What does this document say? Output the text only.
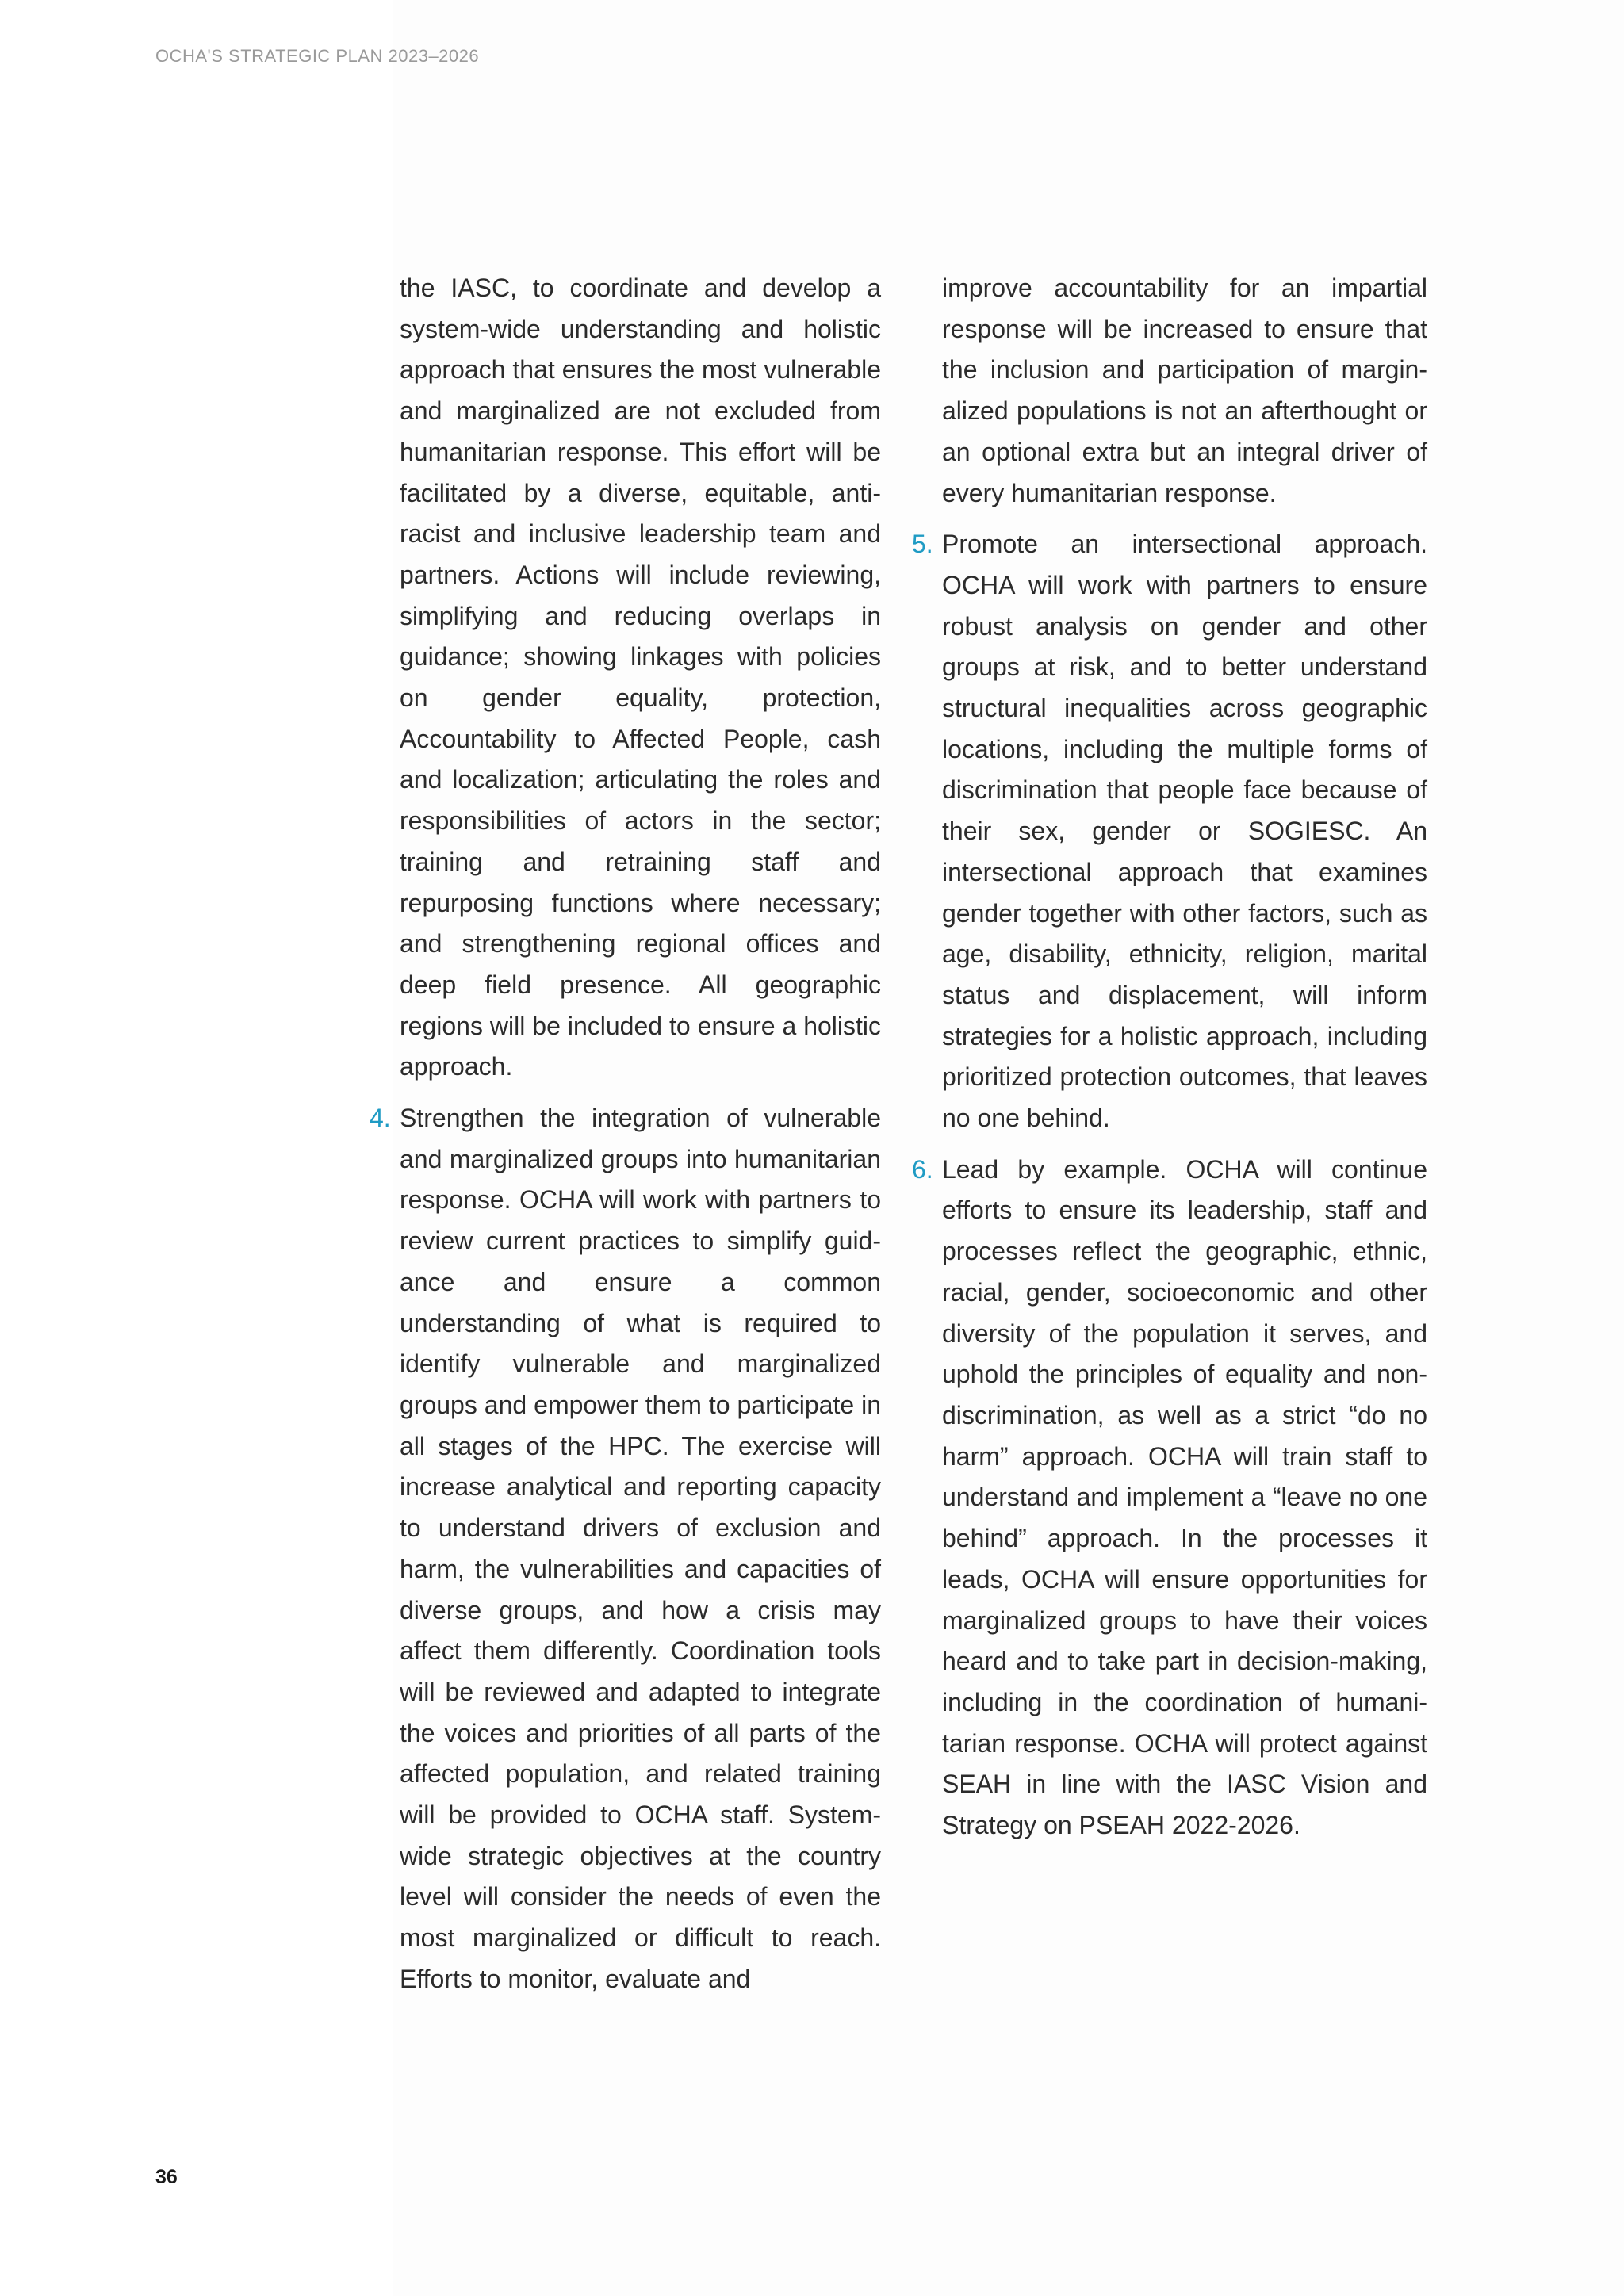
OCHA'S STRATEGIC PLAN 2023–2026

the IASC, to coordinate and develop a system-wide understanding and holistic approach that ensures the most vulnerable and marginalized are not excluded from humanitarian response. This effort will be facilitated by a diverse, equitable, anti-racist and inclusive leadership team and partners. Actions will include reviewing, simplifying and reducing overlaps in guidance; showing linkages with policies on gender equality, protection, Accountability to Affected People, cash and localization; articulating the roles and responsibilities of actors in the sector; training and retraining staff and repurposing functions where necessary; and strengthening regional offices and deep field presence. All geographic regions will be included to ensure a holistic approach.

4. Strengthen the integration of vulnerable and marginalized groups into humanitarian response. OCHA will work with partners to review current practices to simplify guidance and ensure a common understanding of what is required to identify vulnerable and marginalized groups and empower them to participate in all stages of the HPC. The exercise will increase analytical and reporting capacity to understand drivers of exclusion and harm, the vulnerabilities and capacities of diverse groups, and how a crisis may affect them differently. Coordination tools will be reviewed and adapted to integrate the voices and priorities of all parts of the affected population, and related training will be provided to OCHA staff. System-wide strategic objectives at the country level will consider the needs of even the most marginalized or difficult to reach. Efforts to monitor, evaluate and

improve accountability for an impartial response will be increased to ensure that the inclusion and participation of marginalized populations is not an afterthought or an optional extra but an integral driver of every humanitarian response.

5. Promote an intersectional approach. OCHA will work with partners to ensure robust analysis on gender and other groups at risk, and to better understand structural inequalities across geographic locations, including the multiple forms of discrimination that people face because of their sex, gender or SOGIESC. An intersectional approach that examines gender together with other factors, such as age, disability, ethnicity, religion, marital status and displacement, will inform strategies for a holistic approach, including prioritized protection outcomes, that leaves no one behind.

6. Lead by example. OCHA will continue efforts to ensure its leadership, staff and processes reflect the geographic, ethnic, racial, gender, socioeconomic and other diversity of the population it serves, and uphold the principles of equality and non-discrimination, as well as a strict “do no harm” approach. OCHA will train staff to understand and implement a “leave no one behind” approach. In the processes it leads, OCHA will ensure opportunities for marginalized groups to have their voices heard and to take part in decision-making, including in the coordination of humanitarian response. OCHA will protect against SEAH in line with the IASC Vision and Strategy on PSEAH 2022-2026.

36
